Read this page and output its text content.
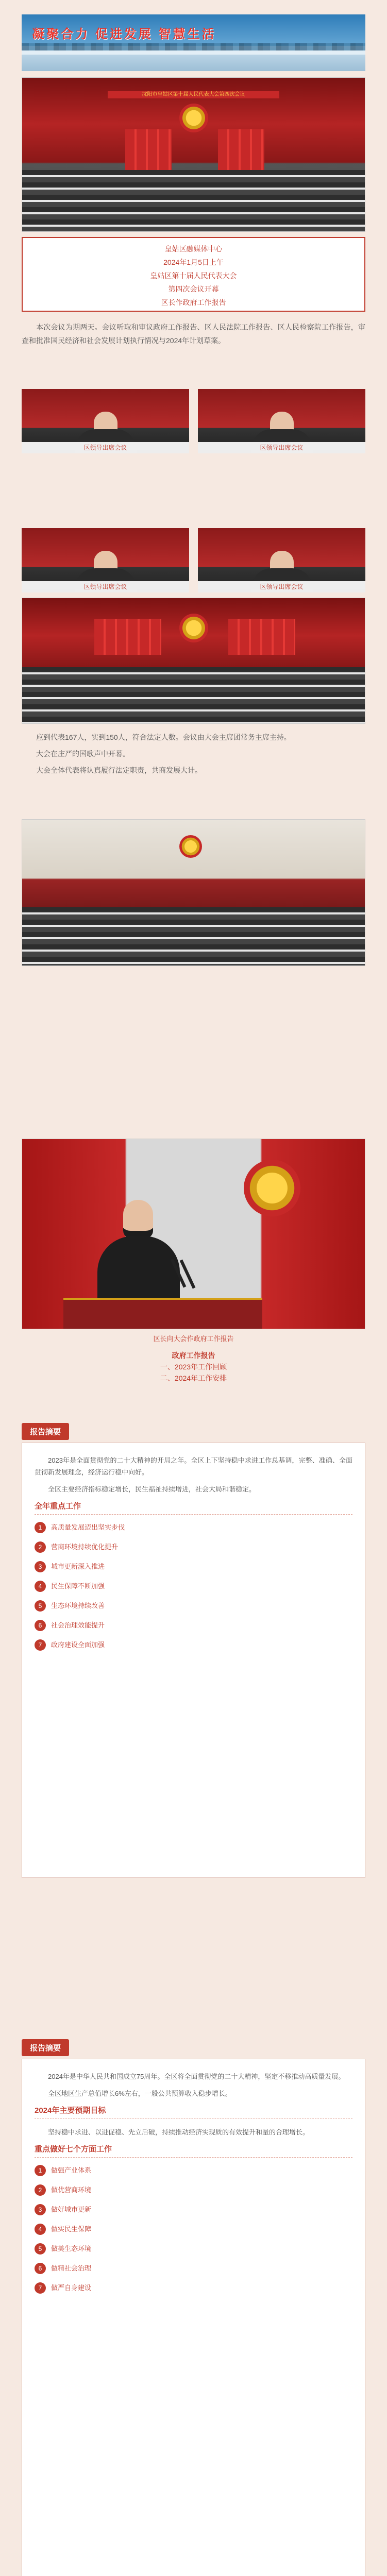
凝聚合力 促进发展 智慧生活
沈阳市皇姑区第十届人民代表大会第四次会议
皇姑区融媒体中心
2024年1月5日上午
皇姑区第十届人民代表大会
第四次会议开幕
区长作政府工作报告

本次会议为期两天。会议听取和审议政府工作报告、区人民法院工作报告、区人民检察院工作报告，审查和批准国民经济和社会发展计划执行情况与2024年计划草案。

区领导出席会议	区领导出席会议
区领导出席会议	区领导出席会议

应到代表167人，实到150人，符合法定人数。会议由大会主席团常务主席主持。

大会在庄严的国歌声中开幕。

大会全体代表将认真履行法定职责，共商发展大计。

区长向大会作政府工作报告
政府工作报告
一、2023年工作回顾
二、2024年工作安排
报告摘要

2023年是全面贯彻党的二十大精神的开局之年。全区上下坚持稳中求进工作总基调，完整、准确、全面贯彻新发展理念，经济运行稳中向好。

全区主要经济指标稳定增长，民生福祉持续增进，社会大局和谐稳定。

全年重点工作
1	高质量发展迈出坚实步伐
2	营商环境持续优化提升
3	城市更新深入推进
4	民生保障不断加强
5	生态环境持续改善
6	社会治理效能提升
7	政府建设全面加强
报告摘要

2024年是中华人民共和国成立75周年。全区将全面贯彻党的二十大精神，坚定不移推动高质量发展。

全区地区生产总值增长6%左右，一般公共预算收入稳步增长。

2024年主要预期目标

坚持稳中求进、以进促稳、先立后破，持续推动经济实现质的有效提升和量的合理增长。

重点做好七个方面工作
1	做强产业体系
2	做优营商环境
3	做好城市更新
4	做实民生保障
5	做美生态环境
6	做精社会治理
7	做严自身建设
